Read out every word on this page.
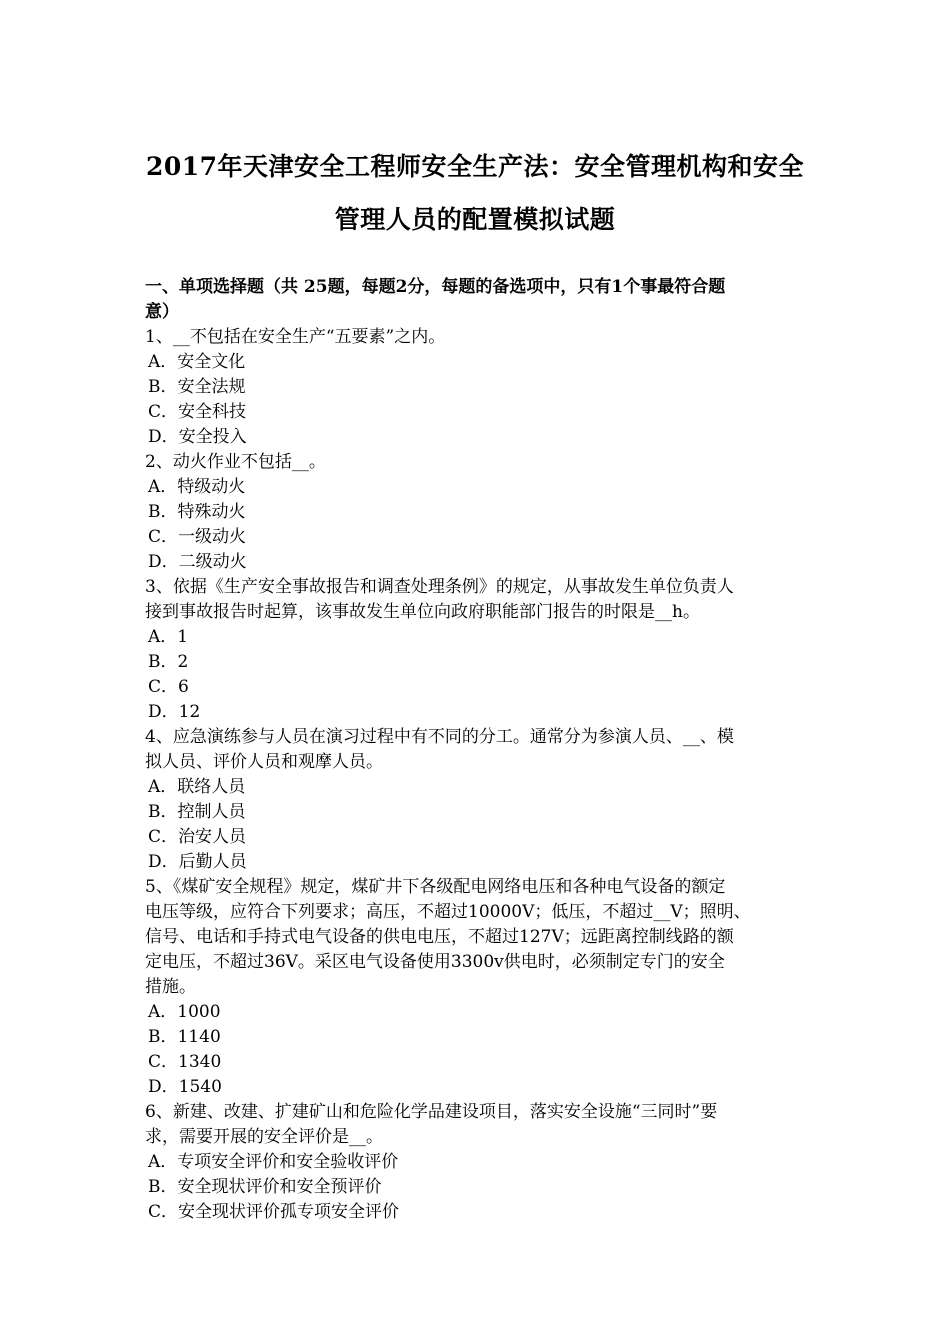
2017年天津安全工程师安全生产法：安全管理机构和安全
管理人员的配置模拟试题
一、单项选择题（共 25题，每题2分，每题的备选项中，只有1个事最符合题
意）
1、__不包括在安全生产“五要素”之内。
A．安全文化
B．安全法规
C．安全科技
D．安全投入
2、动火作业不包括__。
A．特级动火
B．特殊动火
C．一级动火
D．二级动火
3、依据《生产安全事故报告和调查处理条例》的规定，从事故发生单位负责人
接到事故报告时起算，该事故发生单位向政府职能部门报告的时限是__h。
A．1
B．2
C．6
D．12
4、应急演练参与人员在演习过程中有不同的分工。通常分为参演人员、__、模
拟人员、评价人员和观摩人员。
A．联络人员
B．控制人员
C．治安人员
D．后勤人员
5、《煤矿安全规程》规定，煤矿井下各级配电网络电压和各种电气设备的额定
电压等级，应符合下列要求；高压，不超过10000V；低压，不超过__V；照明、
信号、电话和手持式电气设备的供电电压，不超过127V；远距离控制线路的额
定电压，不超过36V。采区电气设备使用3300v供电时，必须制定专门的安全
措施。
A．1000
B．1140
C．1340
D．1540
6、新建、改建、扩建矿山和危险化学品建设项目，落实安全设施“三同时”要
求，需要开展的安全评价是__。
A．专项安全评价和安全验收评价
B．安全现状评价和安全预评价
C．安全现状评价孤专项安全评价
